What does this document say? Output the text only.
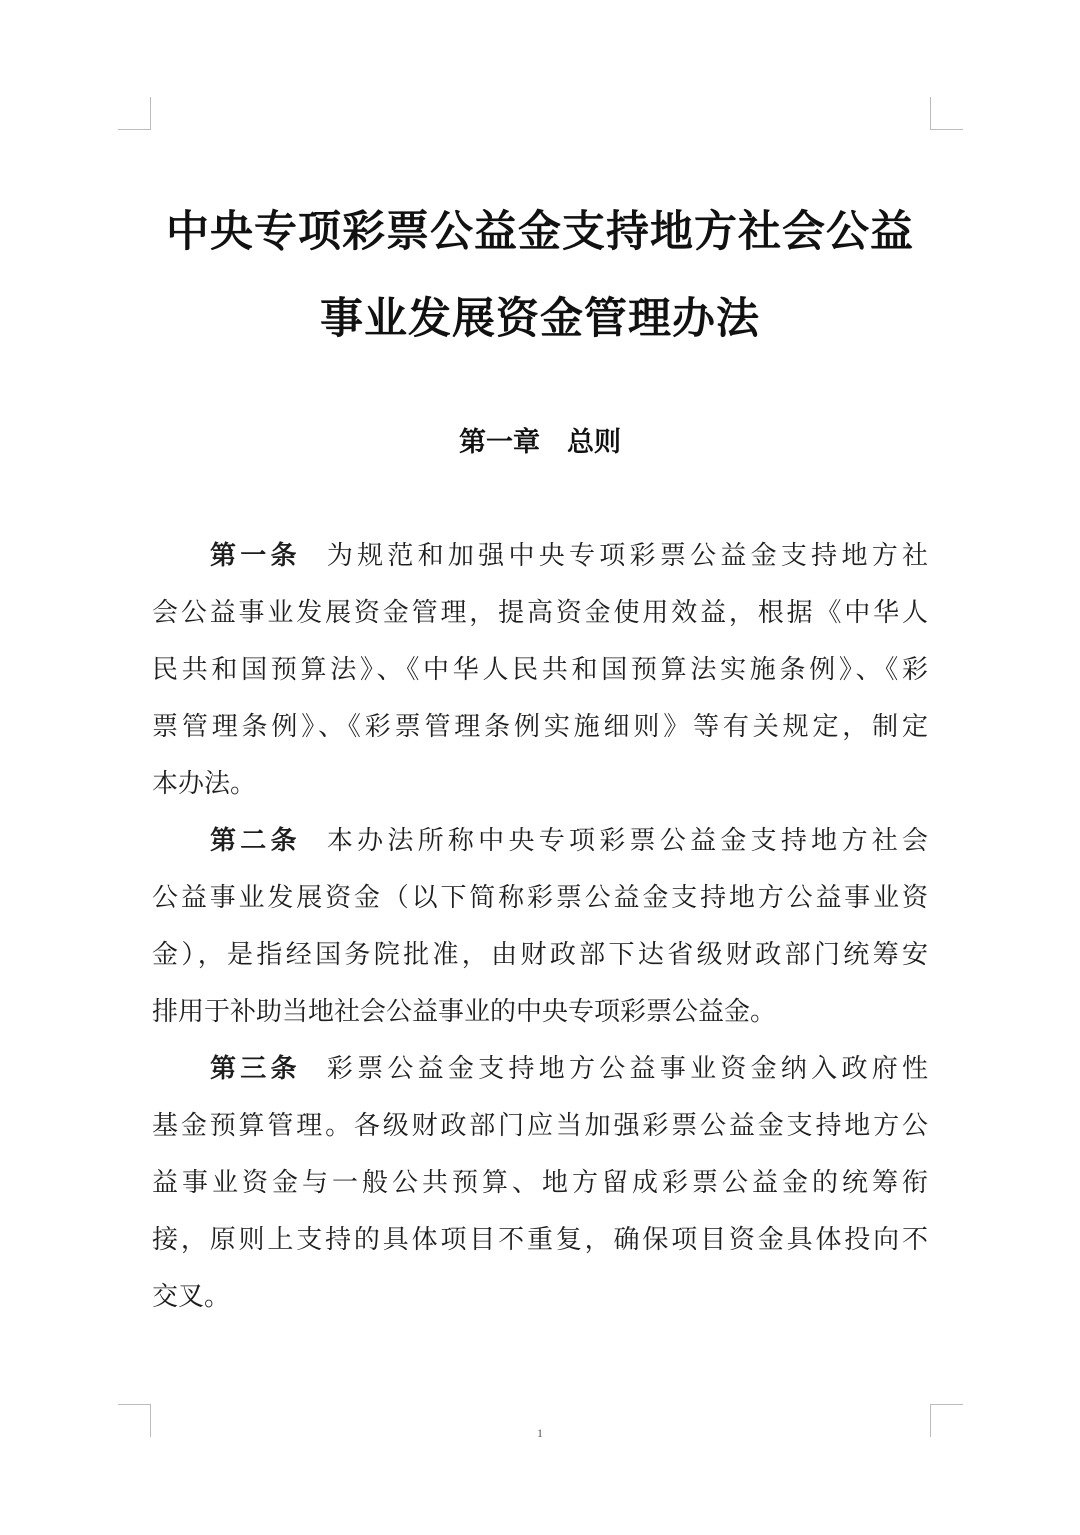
中央专项彩票公益金支持地方社会公益
事业发展资金管理办法
第一章　总则
第一条 为规范和加强中央专项彩票公益金支持地方社
会公益事业发展资金管理，提高资金使用效益，根据《中华人
民共和国预算法》、《中华人民共和国预算法实施条例》、《彩
票管理条例》、《彩票管理条例实施细则》等有关规定，制定
本办法。
第二条 本办法所称中央专项彩票公益金支持地方社会
公益事业发展资金（以下简称彩票公益金支持地方公益事业资
金），是指经国务院批准，由财政部下达省级财政部门统筹安
排用于补助当地社会公益事业的中央专项彩票公益金。
第三条 彩票公益金支持地方公益事业资金纳入政府性
基金预算管理。各级财政部门应当加强彩票公益金支持地方公
益事业资金与一般公共预算、地方留成彩票公益金的统筹衔
接，原则上支持的具体项目不重复，确保项目资金具体投向不
交叉。
1
